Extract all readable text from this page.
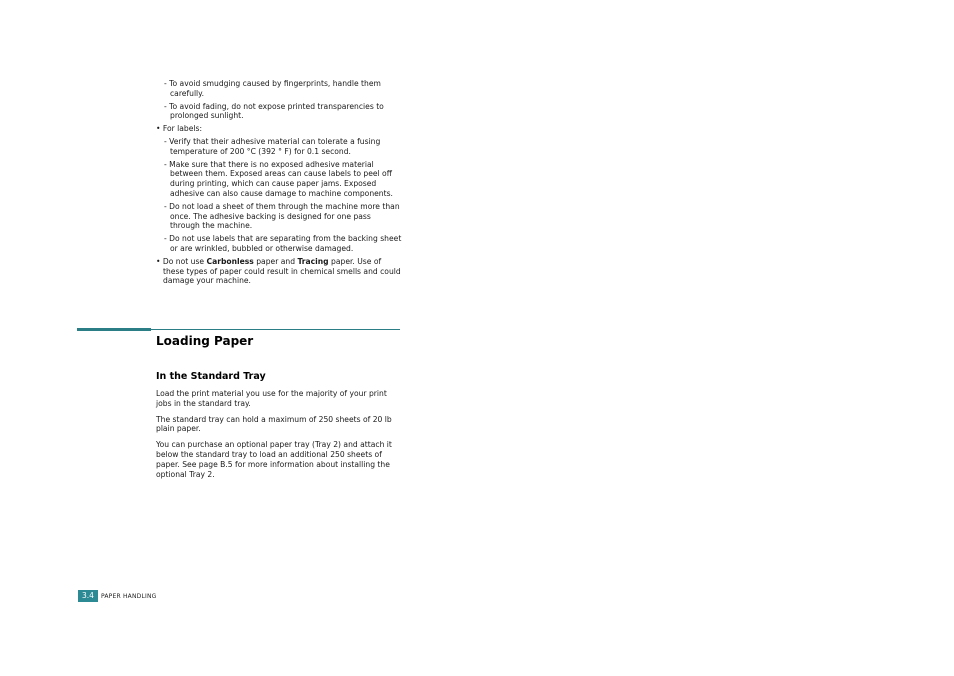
- To avoid smudging caused by fingerprints, handle them carefully.
- To avoid fading, do not expose printed transparencies to prolonged sunlight.
• For labels:
- Verify that their adhesive material can tolerate a fusing temperature of 200 °C (392 ° F) for 0.1 second.
- Make sure that there is no exposed adhesive material between them. Exposed areas can cause labels to peel off during printing, which can cause paper jams. Exposed adhesive can also cause damage to machine components.
- Do not load a sheet of them through the machine more than once. The adhesive backing is designed for one pass through the machine.
- Do not use labels that are separating from the backing sheet or are wrinkled, bubbled or otherwise damaged.
• Do not use Carbonless paper and Tracing paper. Use of these types of paper could result in chemical smells and could damage your machine.
Loading Paper
In the Standard Tray

Load the print material you use for the majority of your print jobs in the standard tray.

The standard tray can hold a maximum of 250 sheets of 20 lb plain paper.

You can purchase an optional paper tray (Tray 2) and attach it below the standard tray to load an additional 250 sheets of paper. See page B.5 for more information about installing the optional Tray 2.

3.4	PAPER HANDLING
